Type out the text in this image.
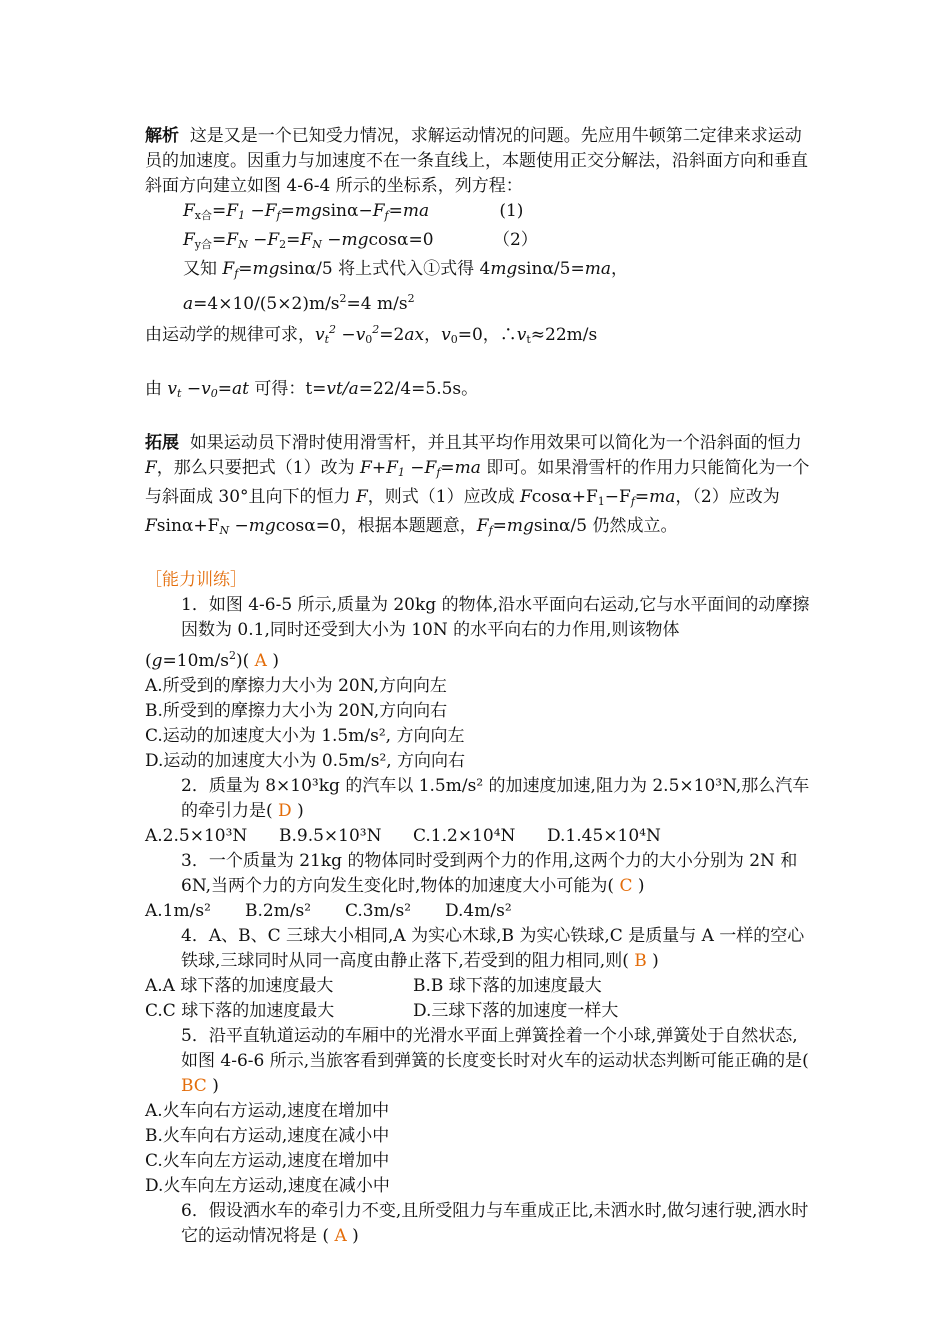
解析 这是又是一个已知受力情况，求解运动情况的问题。先应用牛顿第二定律来求运动员的加速度。因重力与加速度不在一条直线上，本题使用正交分解法，沿斜面方向和垂直斜面方向建立如图 4-6-4 所示的坐标系，列方程：

$F_{x合}=F_1 -F_f=mgsin\alpha-F_f=ma$	(1)

$F_{y合}=F_N -F_2=F_N -mgcos\alpha=0$           （2）

又知 $F_f=mgsin\alpha/5$ 将上式代入①式得 4mgsinα/5=ma，$a=4\times 10/(5\times 2)m/s^2=4$ $m/s^2$

由运动学的规律可求，$v_t^2 -v_0^2=2ax$，$v_0=0$，$\therefore v_t\approx 22m/s$

由 $v_t -v_0=at$ 可得：t=vt/a=22/4=5.5s。

拓展 如果运动员下滑时使用滑雪杆，并且其平均作用效果可以简化为一个沿斜面的恒力 F，那么只要把式（1）改为 $F+F_1 -F_f=ma$ 即可。如果滑雪杆的作用力只能简化为一个与斜面成 30°且向下的恒力 F，则式（1）应改成 $Fcos\alpha+F_1-F_f=ma$，（2）应改为

$Fsin\alpha+F_N -mgcos\alpha=0$，根据本题题意，$F_f=mgsin\alpha/5$ 仍然成立。

［能力训练］

1．如图 4-6-5 所示,质量为 20kg 的物体,沿水平面向右运动,它与水平面间的动摩擦因数为 0.1,同时还受到大小为 10N 的水平向右的力作用,则该物体

$(g=10m/s^2)$( A )

A.所受到的摩擦力大小为 20N,方向向左

B.所受到的摩擦力大小为 20N,方向向右

C.运动的加速度大小为 1.5m/s², 方向向左

D.运动的加速度大小为 0.5m/s², 方向向右

2．质量为 8×10³kg 的汽车以 1.5m/s² 的加速度加速,阻力为 2.5×10³N,那么汽车的牵引力是( D )

A.2.5×10³N	B.9.5×10³N	C.1.2×10⁴N	D.1.45×10⁴N

3．一个质量为 21kg 的物体同时受到两个力的作用,这两个力的大小分别为 2N 和 6N,当两个力的方向发生变化时,物体的加速度大小可能为( C )

A.1m/s²	B.2m/s²	C.3m/s²	D.4m/s²

4．A、B、C 三球大小相同,A 为实心木球,B 为实心铁球,C 是质量与 A 一样的空心铁球,三球同时从同一高度由静止落下,若受到的阻力相同,则( B )

A.A 球下落的加速度最大	B.B 球下落的加速度最大

C.C 球下落的加速度最大	D.三球下落的加速度一样大

5．沿平直轨道运动的车厢中的光滑水平面上弹簧拴着一个小球,弹簧处于自然状态,如图 4-6-6 所示,当旅客看到弹簧的长度变长时对火车的运动状态判断可能正确的是( BC )

A.火车向右方运动,速度在增加中

B.火车向右方运动,速度在减小中

C.火车向左方运动,速度在增加中

D.火车向左方运动,速度在减小中

6．假设洒水车的牵引力不变,且所受阻力与车重成正比,未洒水时,做匀速行驶,洒水时它的运动情况将是 ( A )
